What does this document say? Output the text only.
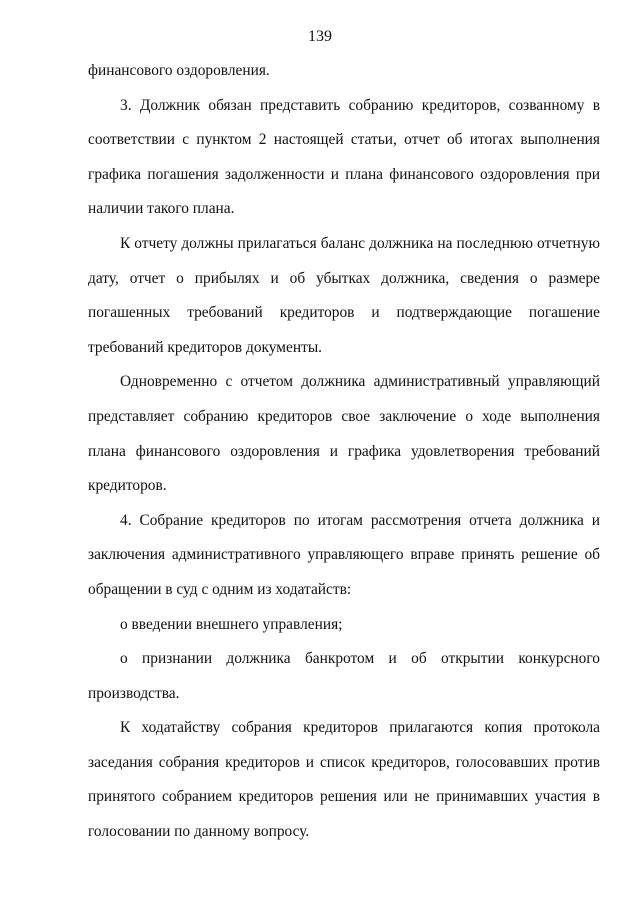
139
финансового оздоровления.
3. Должник обязан представить собранию кредиторов, созванному в
соответствии с пунктом 2 настоящей статьи, отчет об итогах выполнения
графика погашения задолженности и плана финансового оздоровления при
наличии такого плана.
К отчету должны прилагаться баланс должника на последнюю отчетную
дату, отчет о прибылях и об убытках должника, сведения о размере
погашенных требований кредиторов и подтверждающие погашение
требований кредиторов документы.
Одновременно с отчетом должника административный управляющий
представляет собранию кредиторов свое заключение о ходе выполнения
плана финансового оздоровления и графика удовлетворения требований
кредиторов.
4. Собрание кредиторов по итогам рассмотрения отчета должника и
заключения административного управляющего вправе принять решение об
обращении в суд с одним из ходатайств:
о введении внешнего управления;
о признании должника банкротом и об открытии конкурсного
производства.
К ходатайству собрания кредиторов прилагаются копия протокола
заседания собрания кредиторов и список кредиторов, голосовавших против
принятого собранием кредиторов решения или не принимавших участия в
голосовании по данному вопросу.
